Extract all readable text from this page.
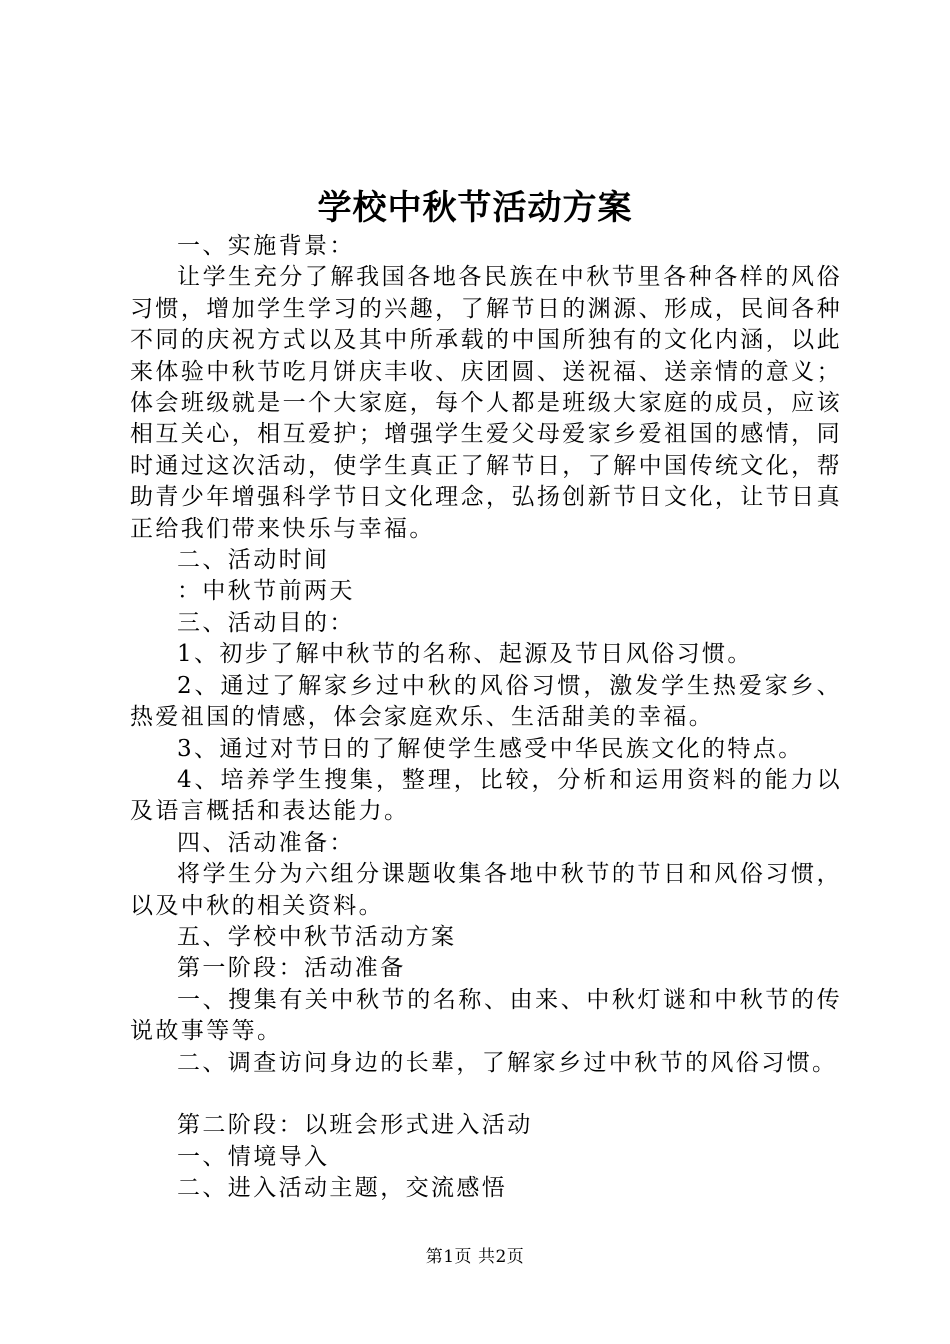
学校中秋节活动方案

一、实施背景：

让学生充分了解我国各地各民族在中秋节里各种各样的风俗习惯，增加学生学习的兴趣，了解节日的渊源、形成，民间各种不同的庆祝方式以及其中所承载的中国所独有的文化内涵，以此来体验中秋节吃月饼庆丰收、庆团圆、送祝福、送亲情的意义；体会班级就是一个大家庭，每个人都是班级大家庭的成员，应该相互关心，相互爱护；增强学生爱父母爱家乡爱祖国的感情，同时通过这次活动，使学生真正了解节日，了解中国传统文化，帮助青少年增强科学节日文化理念，弘扬创新节日文化，让节日真正给我们带来快乐与幸福。

二、活动时间

：中秋节前两天

三、活动目的：

1、初步了解中秋节的名称、起源及节日风俗习惯。

2、通过了解家乡过中秋的风俗习惯，激发学生热爱家乡、热爱祖国的情感，体会家庭欢乐、生活甜美的幸福。

3、通过对节日的了解使学生感受中华民族文化的特点。

4、培养学生搜集，整理，比较，分析和运用资料的能力以及语言概括和表达能力。

四、活动准备：

将学生分为六组分课题收集各地中秋节的节日和风俗习惯，以及中秋的相关资料。

五、学校中秋节活动方案

第一阶段：活动准备

一、搜集有关中秋节的名称、由来、中秋灯谜和中秋节的传说故事等等。

二、调查访问身边的长辈，了解家乡过中秋节的风俗习惯。

第二阶段：以班会形式进入活动

一、情境导入

二、进入活动主题，交流感悟

第1页 共2页
